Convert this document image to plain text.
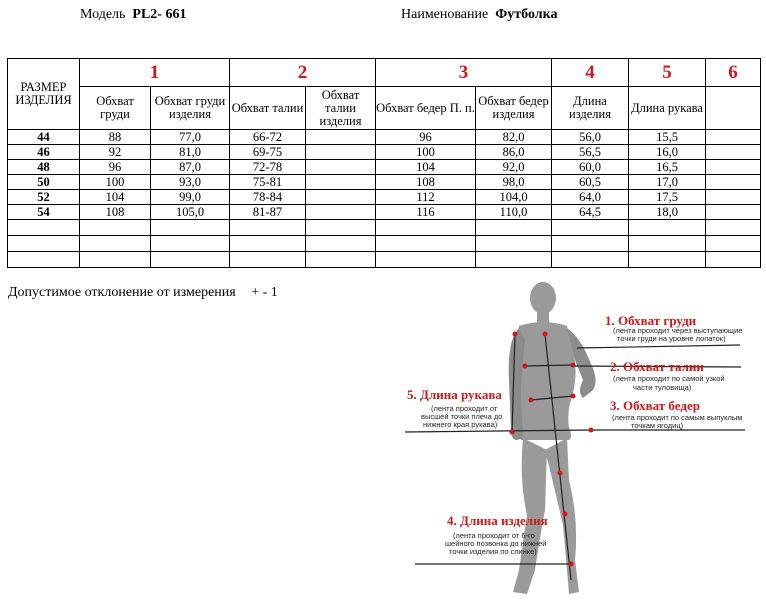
Модель PL2- 661	Наименование Футболка
РАЗМЕР ИЗДЕЛИЯ	1		2		3		4	5	6
	Обхват груди	Обхват груди изделия	Обхват талии	Обхват талии изделия	Обхват бедер П. п.	Обхват бедер изделия	Длина изделия	Длина рукава	
44	88	77,0	66-72		96	82,0	56,0	15,5	
46	92	81,0	69-75		100	86,0	56,5	16,0	
48	96	87,0	72-78		104	92,0	60,0	16,5	
50	100	93,0	75-81		108	98,0	60,5	17,0	
52	104	99,0	78-84		112	104,0	64,0	17,5	
54	108	105,0	81-87		116	110,0	64,5	18,0	

Допустимое отклонение от измерения + - 1
1. Обхват груди
(лента проходит через выступающие
точки груди на уровне лопаток)
2. Обхват талии
(лента проходит по самой узкой
части туловища)
3. Обхват бедер
(лента проходит по самым выпуклым
точкам ягодиц)
5. Длина рукава
(лента проходит от
высшей точки плеча до
нижнего края рукава)
4. Длина изделия
(лента проходит от 6-го
шейного позвонка до нижней
точки изделия по спинке)
